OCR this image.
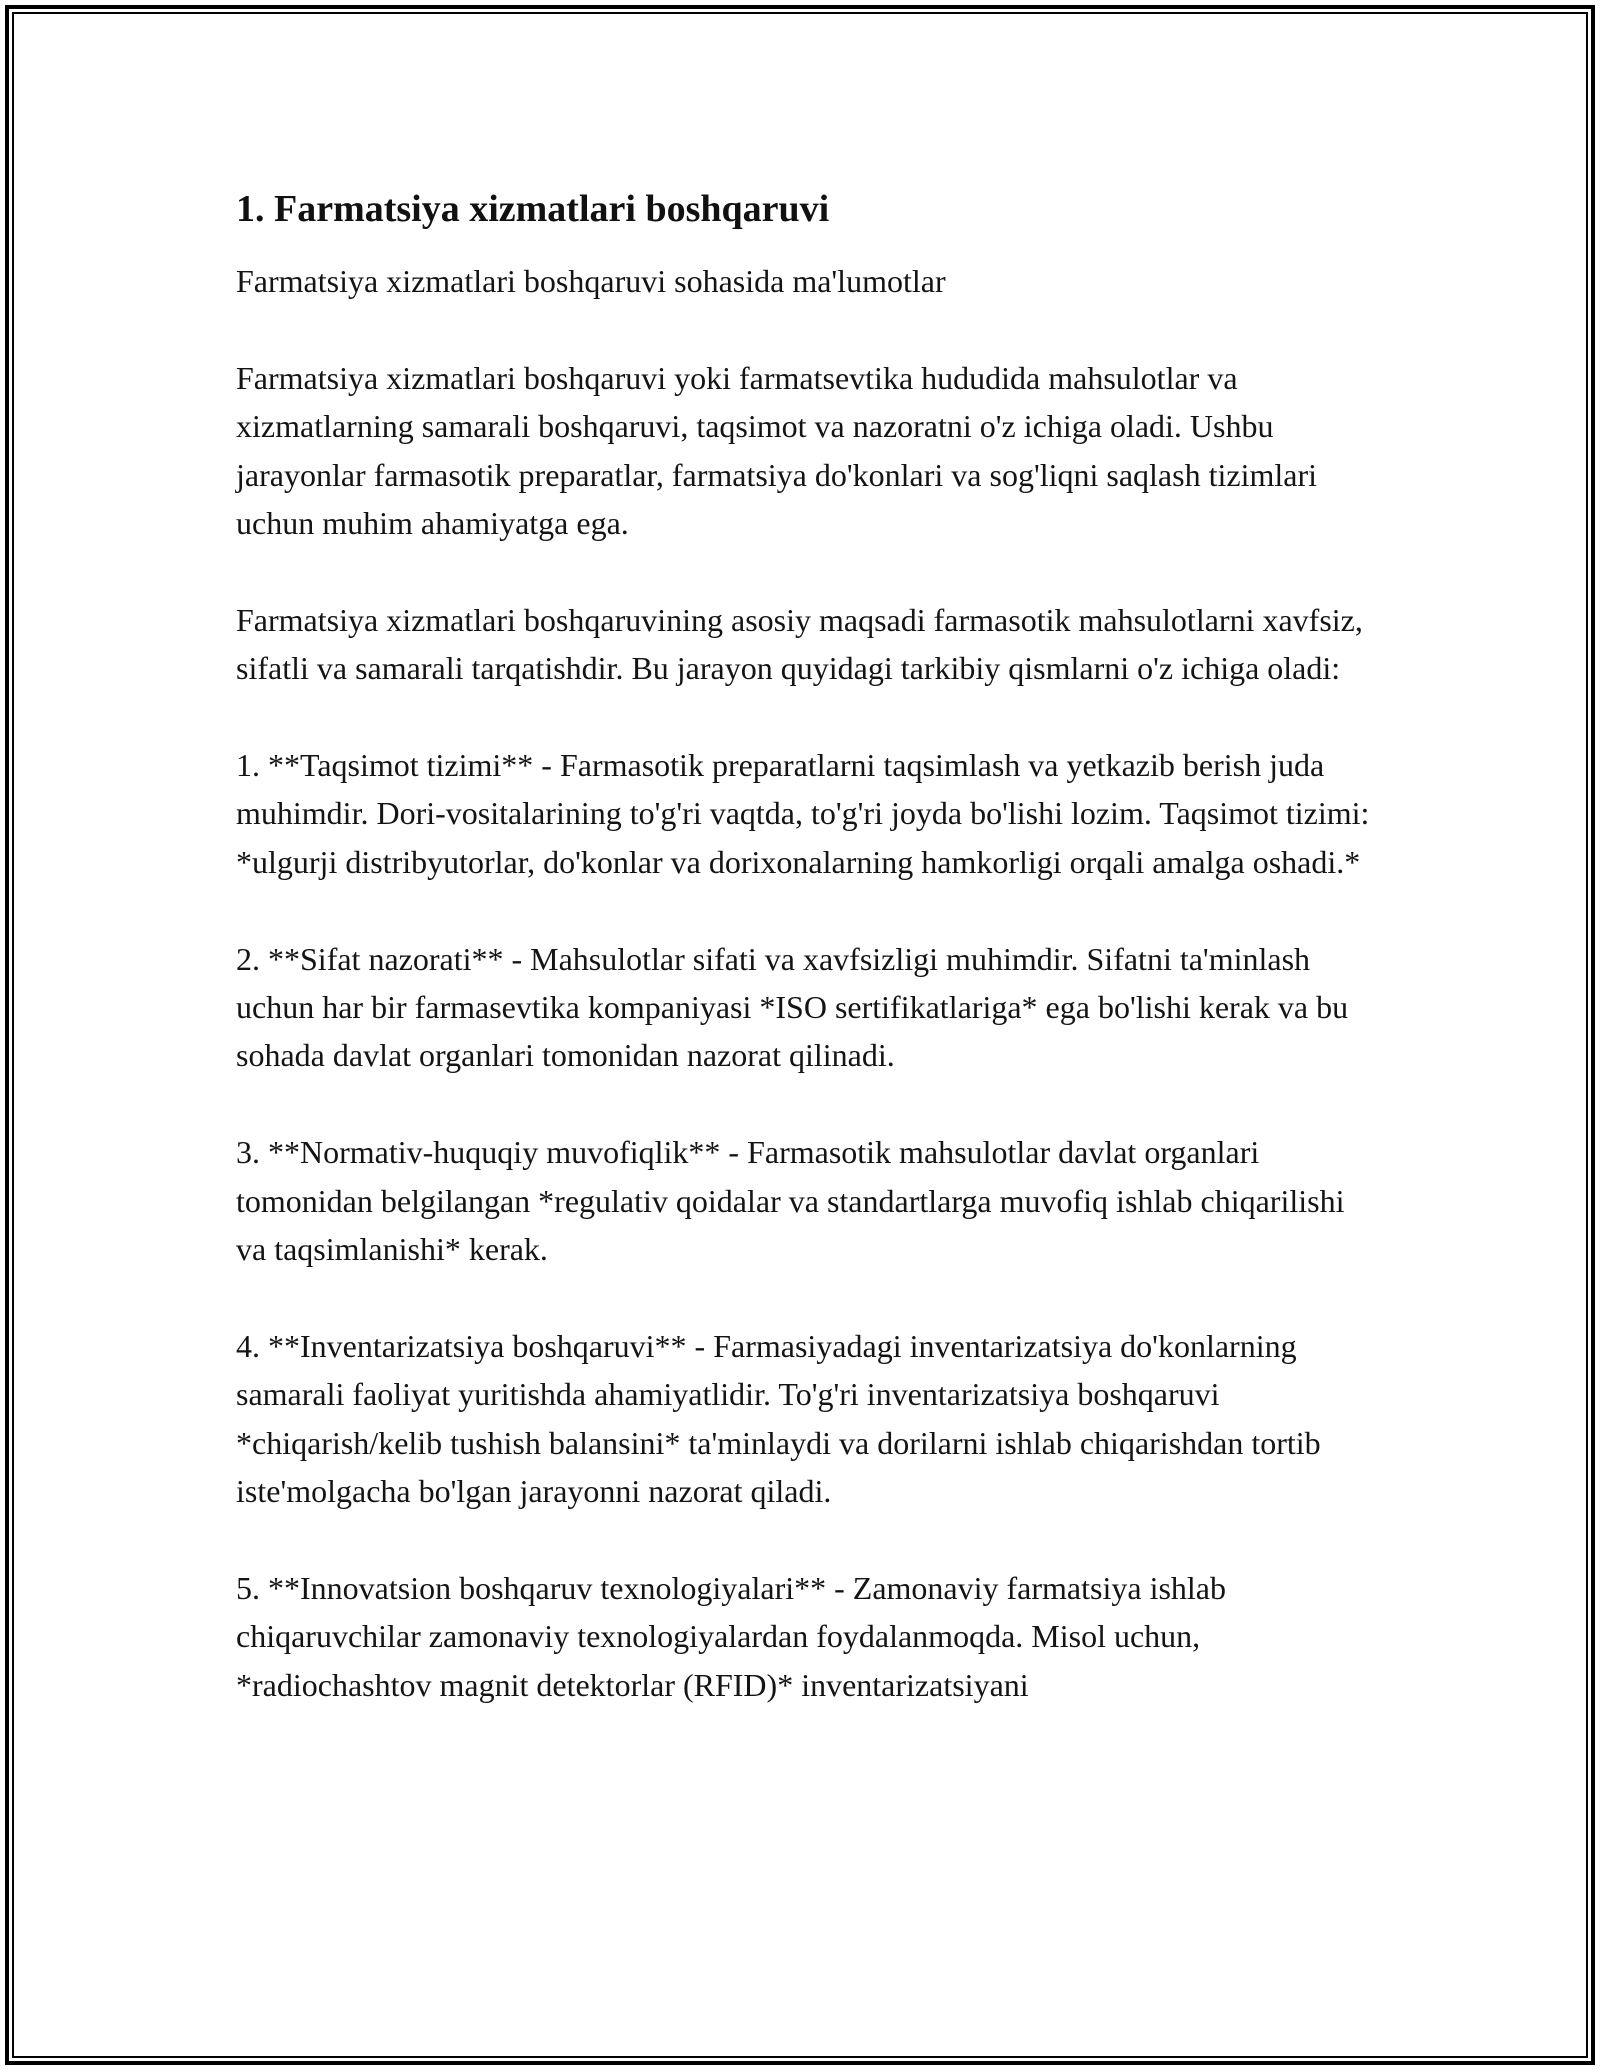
1. Farmatsiya xizmatlari boshqaruvi

Farmatsiya xizmatlari boshqaruvi sohasida ma'lumotlar

Farmatsiya xizmatlari boshqaruvi yoki farmatsevtika hududida mahsulotlar va xizmatlarning samarali boshqaruvi, taqsimot va nazoratni o'z ichiga oladi. Ushbu jarayonlar farmasotik preparatlar, farmatsiya do'konlari va sog'liqni saqlash tizimlari uchun muhim ahamiyatga ega.

Farmatsiya xizmatlari boshqaruvining asosiy maqsadi farmasotik mahsulotlarni xavfsiz, sifatli va samarali tarqatishdir. Bu jarayon quyidagi tarkibiy qismlarni o'z ichiga oladi:

1. **Taqsimot tizimi** - Farmasotik preparatlarni taqsimlash va yetkazib berish juda muhimdir. Dori-vositalarining to'g'ri vaqtda, to'g'ri joyda bo'lishi lozim. Taqsimot tizimi: *ulgurji distribyutorlar, do'konlar va dorixonalarning hamkorligi orqali amalga oshadi.*

2. **Sifat nazorati** - Mahsulotlar sifati va xavfsizligi muhimdir. Sifatni ta'minlash uchun har bir farmasevtika kompaniyasi *ISO sertifikatlariga* ega bo'lishi kerak va bu sohada davlat organlari tomonidan nazorat qilinadi.

3. **Normativ-huquqiy muvofiqlik** - Farmasotik mahsulotlar davlat organlari tomonidan belgilangan *regulativ qoidalar va standartlarga muvofiq ishlab chiqarilishi va taqsimlanishi* kerak.

4. **Inventarizatsiya boshqaruvi** - Farmasiyadagi inventarizatsiya do'konlarning samarali faoliyat yuritishda ahamiyatlidir. To'g'ri inventarizatsiya boshqaruvi *chiqarish/kelib tushish balansini* ta'minlaydi va dorilarni ishlab chiqarishdan tortib iste'molgacha bo'lgan jarayonni nazorat qiladi.

5. **Innovatsion boshqaruv texnologiyalari** - Zamonaviy farmatsiya ishlab chiqaruvchilar zamonaviy texnologiyalardan foydalanmoqda. Misol uchun, *radiochashtov magnit detektorlar (RFID)* inventarizatsiyani
